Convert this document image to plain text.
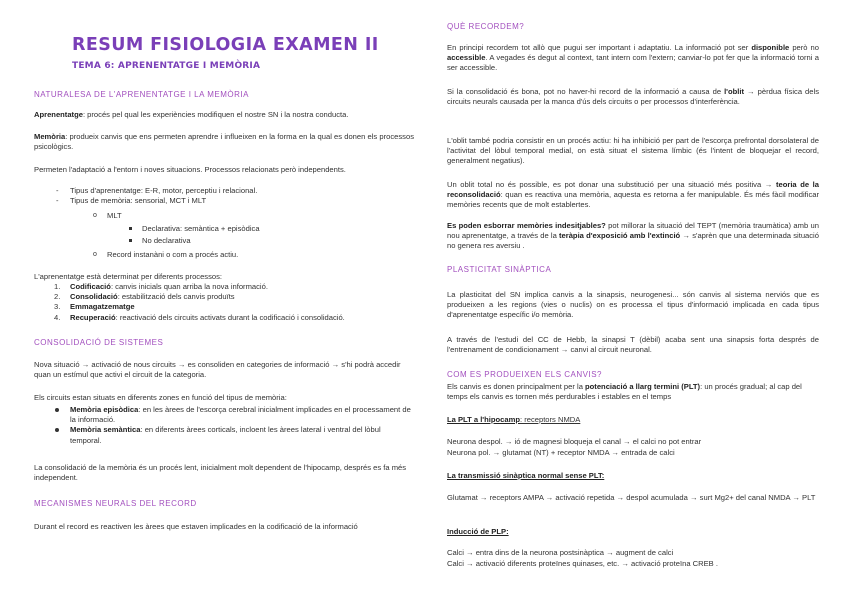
RESUM FISIOLOGIA EXAMEN II
TEMA 6: APRENENTATGE I MEMÒRIA
NATURALESA DE L'APRENENTATGE I LA MEMÒRIA

Aprenentatge: procés pel qual les experiències modifiquen el nostre SN i la nostra conducta.

Memòria: produeix canvis que ens permeten aprendre i influeixen en la forma en la qual es donen els processos psicològics.

Permeten l'adaptació a l'entorn i noves situacions. Processos relacionats però independents.

- Tipus d'aprenentatge: E-R, motor, perceptiu i relacional.
- Tipus de memòria: sensorial, MCT i MLT
o MLT
Declarativa: semàntica + episòdica
No declarativa
o Record instanàni o com a procés actiu.

L'aprenentatge està determinat per diferents processos:

1. Codificació: canvis inicials quan arriba la nova informació.
2. Consolidació: estabilització dels canvis produïts
3. Emmagatzematge
4. Recuperació: reactivació dels circuits activats durant la codificació i consolidació.
CONSOLIDACIÓ DE SISTEMES

Nova situació → activació de nous circuits → es consoliden en categories de informació → s'hi podrà accedir quan un estímul que activi el circuit de la categoria.

Els circuits estan situats en diferents zones en funció del tipus de memòria:

Memòria episòdica: en les àrees de l'escorça cerebral inicialment implicades en el processament de la informació.
Memòria semàntica: en diferents àrees corticals, incloent les àrees lateral i ventral del lòbul temporal.

La consolidació de la memòria és un procés lent, inicialment molt dependent de l'hipocamp, després es fa més independent.

MECANISMES NEURALS DEL RECORD

Durant el record es reactiven les àrees que estaven implicades en la codificació de la informació

QUÈ RECORDEM?

En principi recordem tot allò que pugui ser important i adaptatiu. La informació pot ser disponible però no accessible. A vegades és degut al context, tant intern com l'extern; canviar-lo pot fer que la informació torni a ser accessible.

Si la consolidació és bona, pot no haver-hi record de la informació a causa de l'oblit → pèrdua física dels circuits neurals causada per la manca d'ús dels circuits o per processos d'interferència.

L'oblit també podria consistir en un procés actiu: hi ha inhibició per part de l'escorça prefrontal dorsolateral de l'activitat del lòbul temporal medial, on està situat el sistema límbic (és l'intent de bloquejar el record, generalment negatius).

Un oblit total no és possible, es pot donar una substitució per una situació més positiva → teoria de la reconsolidació: quan es reactiva una memòria, aquesta es retorna a fer manipulable. És més fàcil modificar memòries recents que de molt establertes.

Es poden esborrar memòries indesitjables? pot millorar la situació del TEPT (memòria traumàtica) amb un nou aprenentatge, a través de la teràpia d'exposició amb l'extinció → s'aprèn que una determinada situació no genera res aversiu .

PLASTICITAT SINÀPTICA

La plasticitat del SN implica canvis a la sinapsis, neurogenesi... són canvis al sistema nerviós que es produeixen a les regions (vies o nuclis) on es processa el tipus d'informació implicada en cada tipus d'aprenentatge específic i/o memòria.

A través de l'estudi del CC de Hebb, la sinapsi T (dèbil) acaba sent una sinapsis forta després de l'entrenament de condicionament → canvi al circuit neuronal.

COM ES PRODUEIXEN ELS CANVIS?

Els canvis es donen principalment per la potenciació a llarg termini (PLT): un procés gradual; al cap del temps els canvis es tornen més perdurables i estables en el temps

La PLT a l'hipocamp: receptors NMDA

Neurona despol. → ió de magnesi bloqueja el canal → el calci no pot entrar

Neurona pol. → glutamat (NT) + receptor NMDA → entrada de calci

La transmissió sinàptica normal sense PLT:

Glutamat → receptors AMPA → activació repetida → despol acumulada → surt Mg2+ del canal NMDA → PLT

Inducció de PLP:

Calci → entra dins de la neurona postsinàptica → augment de calci

Calci → activació diferents proteïnes quinases, etc. → activació proteïna CREB .
